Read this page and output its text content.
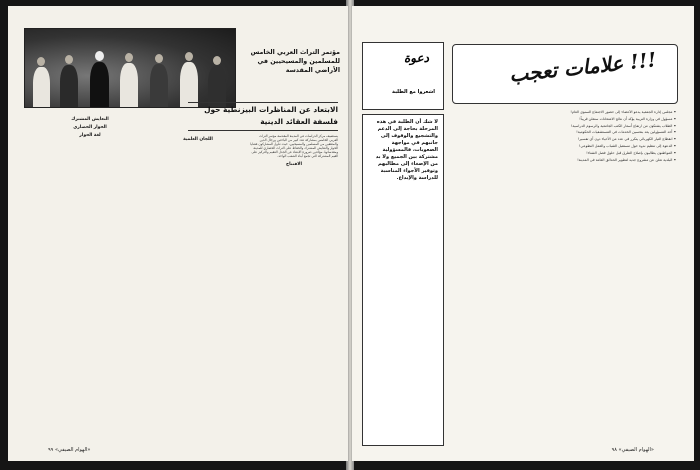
مؤتمر التراث العربي الخامس للمسلمين والمسيحيين في الأراضي المقدسة
الابتعاد عن المناظرات البيزنطية حول فلسفة العقائد الدينية

يستضيف مركز الدراسات في المدينة المقدسة مؤتمر التراث العربي الخامس بمشاركة عدد كبير من الباحثين ورجال الدين والمثقفين من المسلمين والمسيحيين، حيث تناول المشاركون قضايا الحوار والتعايش المشترك والحفاظ على التراث الحضاري للمدينة ومقدساتها، مؤكدين ضرورة الابتعاد عن الجدل العقيم والتركيز على القيم المشتركة التي تجمع أبناء الشعب الواحد.

الافتتاح
اللجان العلمية
التعايش المشترك
الحوار الحضاري
لغة الحوار
«الهوام الصيفي» ٩٩
علامات تعجب !!!
دعوة
اشعروا مع الطلبة
لا شك أن الطلبة في هذه المرحلة بحاجة إلى الدعم والتشجيع والوقوف إلى جانبهم في مواجهة الصعوبات، فالمسؤولية مشتركة بين الجميع ولا بد من الإصغاء إلى مطالبهم وتوفير الأجواء المناسبة للدراسة والإبداع.

• مجلس إدارة الجمعية يدعو الأعضاء إلى حضور الاجتماع السنوي العام!

• مسؤول في وزارة التربية يؤكد أن نتائج الامتحانات ستعلن قريباً!

• الطلاب يشتكون من ارتفاع أسعار الكتب الجامعية والرسوم الدراسية!

• أحد المسؤولين يعد بتحسين الخدمات في المستشفيات الحكومية!

• انقطاع التيار الكهربائي يتكرر في عدد من الأحياء دون أي تفسير!

• الدعوة إلى تنظيم ندوة حول مستقبل الشباب والعمل التطوعي!

• المواطنون يطالبون بإصلاح الطرق قبل حلول فصل الشتاء!

• البلدية تعلن عن مشروع جديد لتطوير الحدائق العامة في المدينة!

«الهوام الصيفي» ٩٨
